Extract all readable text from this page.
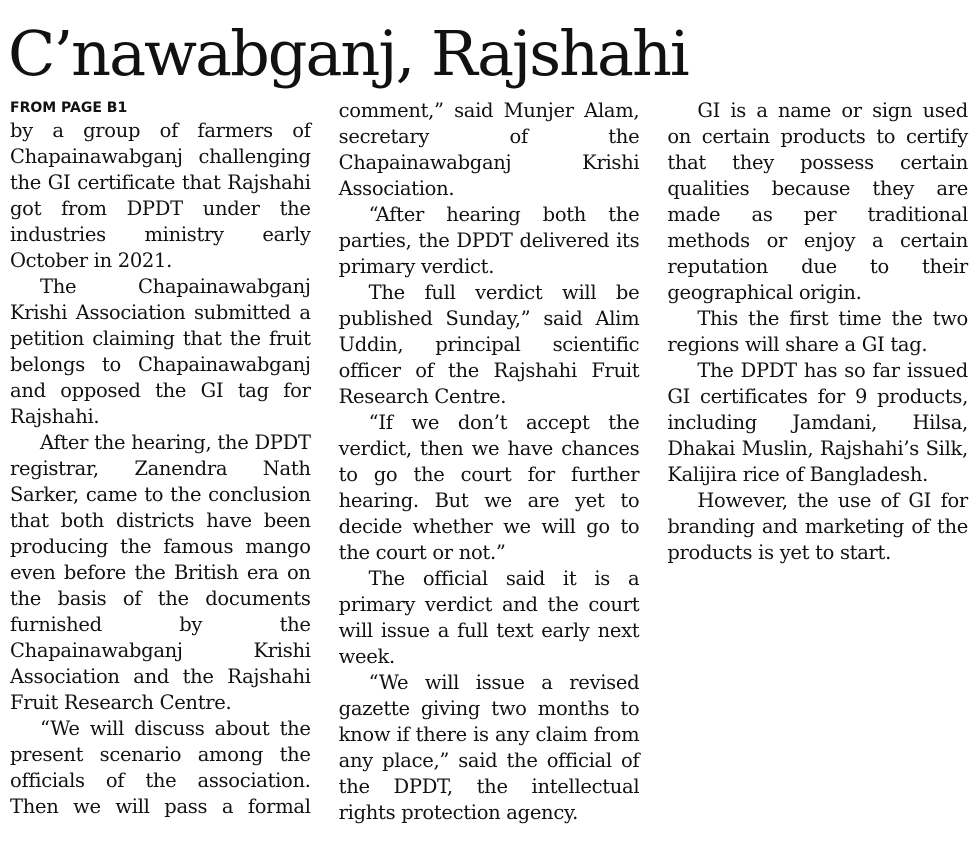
C’nawabganj, Rajshahi
FROM PAGE B1

by a group of farmers of Chapainawabganj challenging the GI certificate that Rajshahi got from DPDT under the industries ministry early October in 2021.

The Chapainawabganj Krishi Association submitted a petition claiming that the fruit belongs to Chapainawabganj and opposed the GI tag for Rajshahi.

After the hearing, the DPDT registrar, Zanendra Nath Sarker, came to the conclusion that both districts have been producing the famous mango even before the British era on the basis of the documents furnished by the Chapainawabganj Krishi Association and the Rajshahi Fruit Research Centre.

“We will discuss about the present scenario among the officials of the association. Then we will pass a formal comment,” said Munjer Alam, secretary of the Chapainawabganj Krishi Association.

“After hearing both the parties, the DPDT delivered its primary verdict.

The full verdict will be published Sunday,” said Alim Uddin, principal scientific officer of the Rajshahi Fruit Research Centre.

“If we don’t accept the verdict, then we have chances to go the court for further hearing. But we are yet to decide whether we will go to the court or not.”

The official said it is a primary verdict and the court will issue a full text early next week.

“We will issue a revised gazette giving two months to know if there is any claim from any place,” said the official of the DPDT, the intellectual rights protection agency.

GI is a name or sign used on certain products to certify that they possess certain qualities because they are made as per traditional methods or enjoy a certain reputation due to their geographical origin.

This the first time the two regions will share a GI tag.

The DPDT has so far issued GI certificates for 9 products, including Jamdani, Hilsa, Dhakai Muslin, Rajshahi’s Silk, Kalijira rice of Bangladesh.

However, the use of GI for branding and marketing of the products is yet to start.
